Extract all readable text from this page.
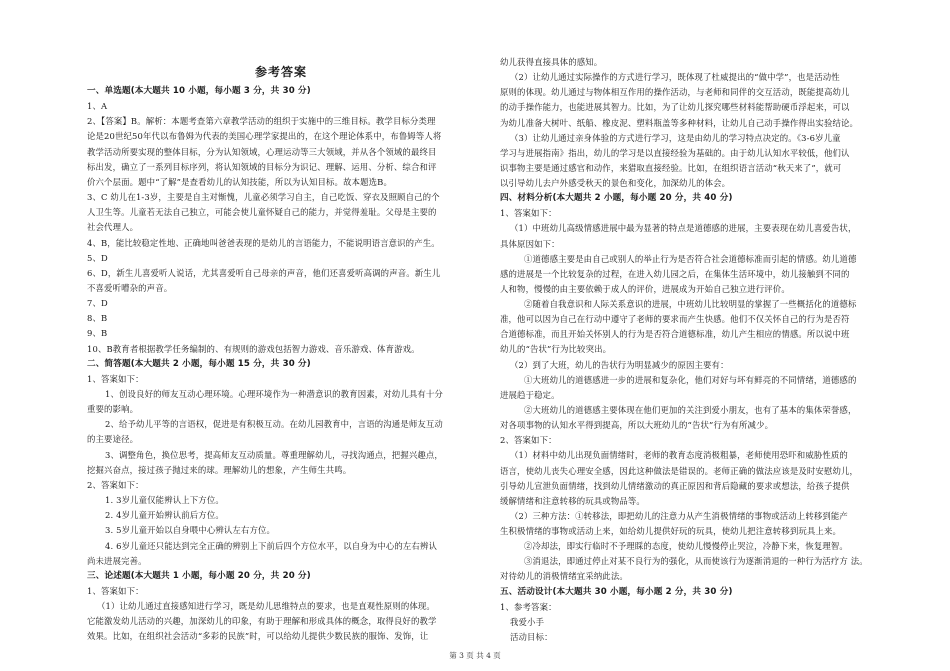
参考答案
一、单选题(本大题共 10 小题，每小题 3 分，共 30 分)
1、A
2、【答案】B。解析：本题考查第六章教学活动的组织于实施中的三维目标。教学目标分类理
论是20世纪50年代以布鲁姆为代表的美国心理学家提出的，在这个理论体系中，布鲁姆等人将
教学活动所要实现的整体目标，分为认知领域，心理运动等三大领域，并从各个领域的最终目
标出发，确立了一系列目标序列，将认知领域的目标分为识记、理解、运用、分析、综合和评
价六个层面。题中“了解”是查看幼儿的认知技能，所以为认知目标。故本题选B。
3、C 幼儿在1-3岁，主要是自主对惭愧，儿童必须学习自主，自己吃饭、穿衣及照顾自己的个
人卫生等。儿童若无法自己独立，可能会使儿童怀疑自己的能力，并觉得羞耻。父母是主要的
社会代理人。
4、B，能比较稳定性地、正确地叫爸爸表现的是幼儿的言语能力，不能说明语言意识的产生。
5、D
6、D，新生儿喜爱听人说话，尤其喜爱听自己母亲的声音，他们还喜爱听高调的声音。新生儿
不喜爱听嘈杂的声音。
7、D
8、B
9、B
10、B教育者根据教学任务编制的、有规则的游戏包括智力游戏、音乐游戏、体育游戏。
二、简答题(本大题共 2 小题，每小题 15 分，共 30 分)
1、答案如下：
1、创设良好的师友互动心理环境。心理环境作为一种潜意识的教育因素，对幼儿具有十分
重要的影响。
2、给予幼儿平等的言语权，促进是有积极互动。在幼儿园教育中，言语的沟通是师友互动
的主要途径。
3、调整角色，换位思考，提高师友互动质量。尊重理解幼儿，寻找沟通点，把握兴趣点，
挖掘兴奋点，接过孩子抛过来的球。理解幼儿的想象，产生师生共鸣。
2、答案如下：
1. 3岁儿童仅能辨认上下方位。
2. 4岁儿童开始辨认前后方位。
3. 5岁儿童开始以自身喂中心辨认左右方位。
4. 6岁儿童还只能达到完全正确的辨别上下前后四个方位水平，以自身为中心的左右辨认
尚未进展完善。
三、论述题(本大题共 1 小题，每小题 20 分，共 20 分)
1、答案如下：
（1）让幼儿通过直接感知进行学习，既是幼儿思维特点的要求，也是直观性原则的体现。
它能激发幼儿活动的兴趣，加深幼儿的印象，有助于理解和形成具体的概念，取得良好的教学
效果。比如，在组织社会活动“多彩的民族”时，可以给幼儿提供少数民族的服饰、发饰，让
幼儿获得直接具体的感知。
（2）让幼儿通过实际操作的方式进行学习，既体现了杜威提出的“做中学”，也是活动性
原则的体现。幼儿通过与物体相互作用的操作活动，与老师和同伴的交互活动，既能提高幼儿
的动手操作能力，也能进展其智力。比如，为了让幼儿探究哪些材料能帮助硬币浮起来，可以
为幼儿准备大树叶、纸船、橡皮泥、塑料瓶盖等多种材料，让幼儿自己动手操作得出实验结论。
（3）让幼儿通过亲身体验的方式进行学习，这是由幼儿的学习特点决定的。《3-6岁儿童
学习与进展指南》指出，幼儿的学习是以直接经验为基础的。由于幼儿认知水平较低，他们认
识事物主要是通过感官和动作，来猎取直接经验。比如，在组织语言活动“秋天来了”，就可
以引导幼儿去户外感受秋天的景色和变化，加深幼儿的体会。
四、材料分析(本大题共 2 小题，每小题 20 分，共 40 分)
1、答案如下：
（1）中班幼儿高级情感进展中最为显著的特点是道德感的进展，主要表现在幼儿喜爱告状，
具体原因如下：
①道德感主要是由自己或别人的举止行为是否符合社会道德标准而引起的情感。幼儿道德
感的进展是一个比较复杂的过程，在进入幼儿园之后，在集体生活环境中，幼儿接触到不同的
人和物，慢慢的由主要依赖于成人的评价，进展成为开始自己独立进行评价。
②随着自我意识和人际关系意识的进展，中班幼儿比较明显的掌握了一些概括化的道德标
准，他可以因为自己在行动中遵守了老师的要求而产生快感。他们不仅关怀自己的行为是否符
合道德标准，而且开始关怀别人的行为是否符合道德标准，幼儿产生相应的情感。所以说中班
幼儿的“告状”行为比较突出。
（2）到了大班，幼儿的告状行为明显减少的原因主要有：
①大班幼儿的道德感进一步的进展和复杂化，他们对好与坏有鲜亮的不同情绪，道德感的
进展趋于稳定。
②大班幼儿的道德感主要体现在他们更加的关注到爱小朋友，也有了基本的集体荣誉感，
对各项事物的认知水平得到提高，所以大班幼儿的“告状”行为有所减少。
2、答案如下：
（1）材料中幼儿出现负面情绪时，老师的教育态度消极粗暴，老师使用恐吓和威胁性质的
语言，使幼儿丧失心理安全感，因此这种做法是错误的。老师正确的做法应该是及时安慰幼儿，
引导幼儿宣泄负面情绪，找到幼儿情绪激动的真正原因和背后隐藏的要求或想法，给孩子提供
缓解情绪和注意转移的玩具或物品等。
（2）三种方法：①转移法，即把幼儿的注意力从产生消极情绪的事物或活动上转移到能产
生积极情绪的事物或活动上来，如给幼儿提供好玩的玩具，使幼儿把注意转移到玩具上来。
②冷却法，即实行临时不予理睬的态度，使幼儿慢慢停止哭泣，冷静下来，恢复理智。
③消退法，即通过停止对某不良行为的强化，从而使该行为逐渐消退的一种行为活疗方 法。
对待幼儿的消极情绪宜采纳此法。
五、活动设计(本大题共 30 小题，每小题 2 分，共 30 分)
1、参考答案：
我爱小手
活动目标：
第 3 页 共 4 页
